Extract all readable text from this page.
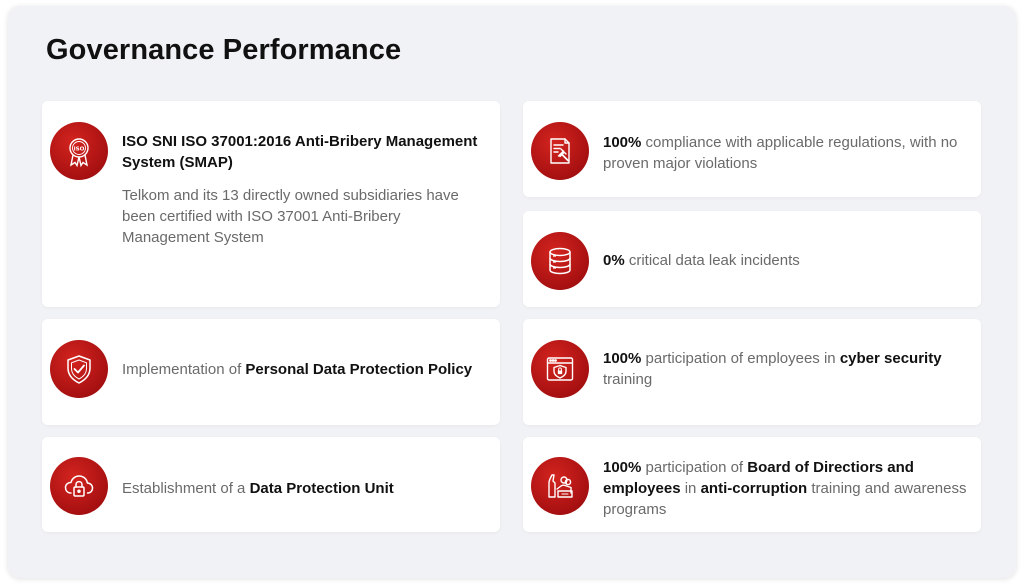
Governance Performance
ISO	ISO SNI ISO 37001:2016 Anti-Bribery Management System (SMAP)
Telkom and its 13 directly owned subsidiaries have been certified with ISO 37001 Anti-Bribery Management System
Implementation of Personal Data Protection Policy
Establishment of a Data Protection Unit
100% compliance with applicable regulations, with no proven major violations
0% critical data leak incidents
100% participation of employees in cyber security training
100% participation of Board of Directiors and employees in anti-corruption training and awareness programs
